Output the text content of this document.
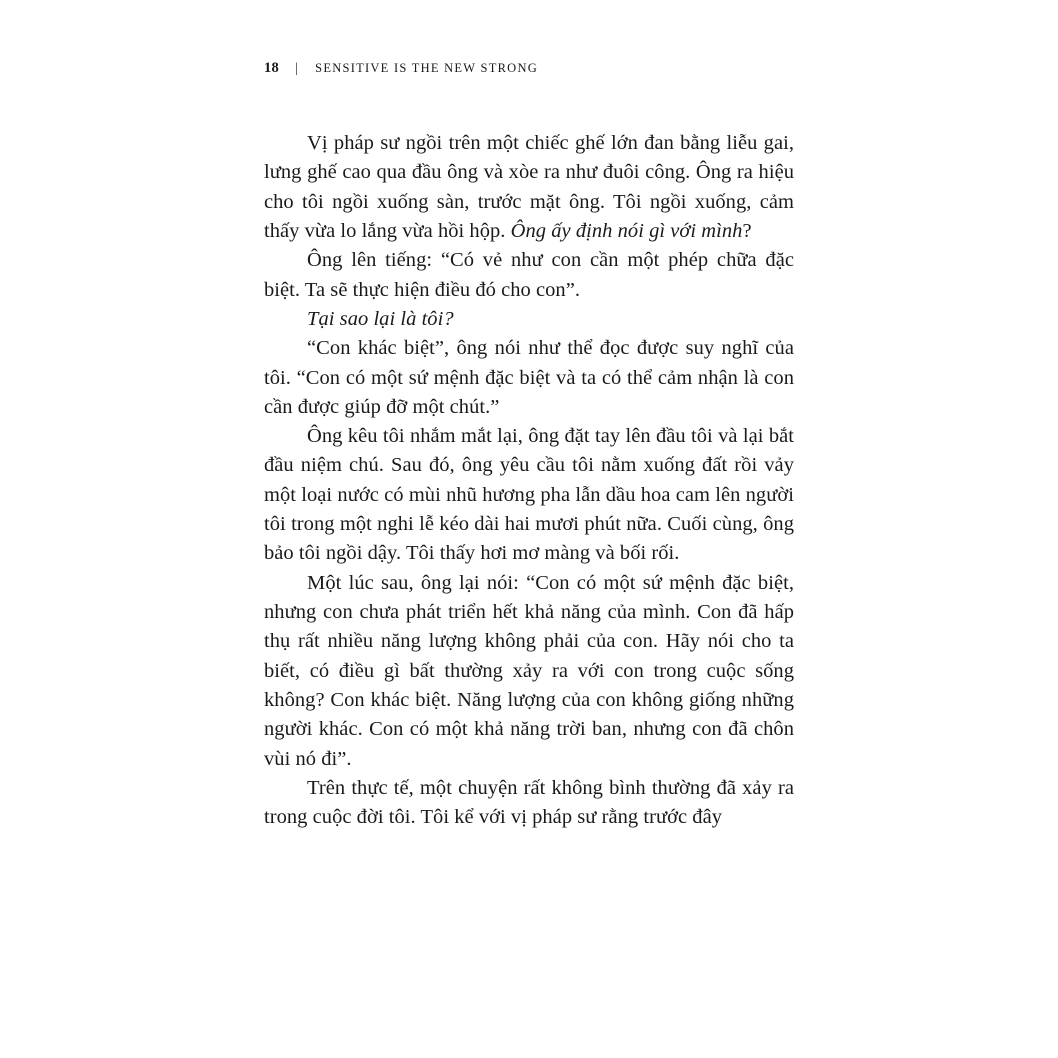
18 | SENSITIVE IS THE NEW STRONG

Vị pháp sư ngồi trên một chiếc ghế lớn đan bằng liễu gai, lưng ghế cao qua đầu ông và xòe ra như đuôi công. Ông ra hiệu cho tôi ngồi xuống sàn, trước mặt ông. Tôi ngồi xuống, cảm thấy vừa lo lắng vừa hồi hộp. Ông ấy định nói gì với mình?

Ông lên tiếng: “Có vẻ như con cần một phép chữa đặc biệt. Ta sẽ thực hiện điều đó cho con”.

Tại sao lại là tôi?

“Con khác biệt”, ông nói như thể đọc được suy nghĩ của tôi. “Con có một sứ mệnh đặc biệt và ta có thể cảm nhận là con cần được giúp đỡ một chút.”

Ông kêu tôi nhắm mắt lại, ông đặt tay lên đầu tôi và lại bắt đầu niệm chú. Sau đó, ông yêu cầu tôi nằm xuống đất rồi vảy một loại nước có mùi nhũ hương pha lẫn dầu hoa cam lên người tôi trong một nghi lễ kéo dài hai mươi phút nữa. Cuối cùng, ông bảo tôi ngồi dậy. Tôi thấy hơi mơ màng và bối rối.

Một lúc sau, ông lại nói: “Con có một sứ mệnh đặc biệt, nhưng con chưa phát triển hết khả năng của mình. Con đã hấp thụ rất nhiều năng lượng không phải của con. Hãy nói cho ta biết, có điều gì bất thường xảy ra với con trong cuộc sống không? Con khác biệt. Năng lượng của con không giống những người khác. Con có một khả năng trời ban, nhưng con đã chôn vùi nó đi”.

Trên thực tế, một chuyện rất không bình thường đã xảy ra trong cuộc đời tôi. Tôi kể với vị pháp sư rằng trước đây
